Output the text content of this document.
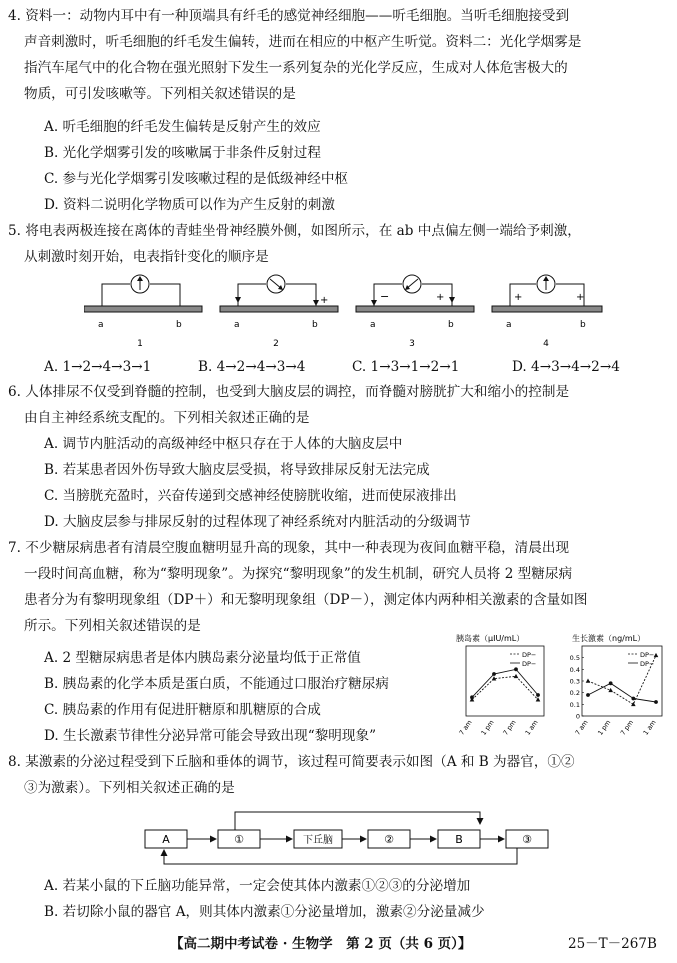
4. 资料一：动物内耳中有一种顶端具有纤毛的感觉神经细胞——听毛细胞。当听毛细胞接受到
声音刺激时，听毛细胞的纤毛发生偏转，进而在相应的中枢产生听觉。资料二：光化学烟雾是
指汽车尾气中的化合物在强光照射下发生一系列复杂的光化学反应，生成对人体危害极大的
物质，可引发咳嗽等。下列相关叙述错误的是
A. 听毛细胞的纤毛发生偏转是反射产生的效应
B. 光化学烟雾引发的咳嗽属于非条件反射过程
C. 参与光化学烟雾引发咳嗽过程的是低级神经中枢
D. 资料二说明化学物质可以作为产生反射的刺激
5. 将电表两极连接在离体的青蛙坐骨神经膜外侧，如图所示，在 ab 中点偏左侧一端给予刺激，
从刺激时刻开始，电表指针变化的顺序是
a	b
1
+
a	b
2
−	+
a	b
3
+	+
a	b
4
A. 1→2→4→3→1	B. 4→2→4→3→4	C. 1→3→1→2→1	D. 4→3→4→2→4
6. 人体排尿不仅受到脊髓的控制，也受到大脑皮层的调控，而脊髓对膀胱扩大和缩小的控制是
由自主神经系统支配的。下列相关叙述正确的是
A. 调节内脏活动的高级神经中枢只存在于人体的大脑皮层中
B. 若某患者因外伤导致大脑皮层受损，将导致排尿反射无法完成
C. 当膀胱充盈时，兴奋传递到交感神经使膀胱收缩，进而使尿液排出
D. 大脑皮层参与排尿反射的过程体现了神经系统对内脏活动的分级调节
7. 不少糖尿病患者有清晨空腹血糖明显升高的现象，其中一种表现为夜间血糖平稳，清晨出现
一段时间高血糖，称为“黎明现象”。为探究“黎明现象”的发生机制，研究人员将 2 型糖尿病
患者分为有黎明现象组（DP＋）和无黎明现象组（DP－），测定体内两种相关激素的含量如图
所示。下列相关叙述错误的是
A. 2 型糖尿病患者是体内胰岛素分泌量均低于正常值
B. 胰岛素的化学本质是蛋白质，不能通过口服治疗糖尿病
C. 胰岛素的作用有促进肝糖原和肌糖原的合成
D. 生长激素节律性分泌异常可能会导致出现“黎明现象”
胰岛素（μIU/mL）
DP−
DP−
7 am 1 pm 7 pm 1 am
生长激素（ng/mL）
DP−
DP−
0
0.1
0.2
0.3
0.4
0.5
7 am 1 pm 7 pm 1 am
8. 某激素的分泌过程受到下丘脑和垂体的调节，该过程可简要表示如图（A 和 B 为器官，①②
③为激素）。下列相关叙述正确的是
A	①	下丘脑	②	B	③
A. 若某小鼠的下丘脑功能异常，一定会使其体内激素①②③的分泌增加
B. 若切除小鼠的器官 A，则其体内激素①分泌量增加，激素②分泌量减少
【高二期中考试卷 · 生物学　第 2 页（共 6 页）】	25－T－267B
